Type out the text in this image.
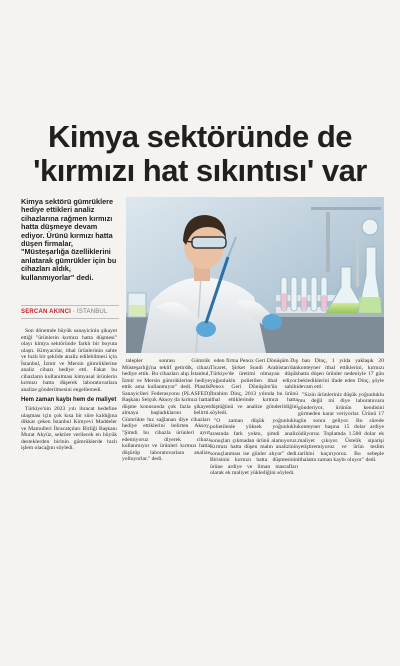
Kimya sektöründe de
'kırmızı hat sıkıntısı' var

Kimya sektörü gümrüklere hediye ettikleri analiz cihazlarına rağmen kırmızı hatta düşmeye devam ediyor. Ürünü kırmızı hatta düşen firmalar, "Müsteşarlığa özelliklerini anlatarak gümrükler için bu cihazları aldık, kullanmıyorlar" dedi.

SERCAN AKINCI · İSTANBUL

talepler sonrası Gümrük Müsteşarlığı'na teklif getirdik, cihazı hediye ettik. Bu cihazları alıp İstanbul, İzmir ve Mersin gümrüklerine hediye ettik ama kullanmıyor" dedi. Plastik Sanayicileri Federasyonu (PLASFED) Başkanı Selçuk Aksoy da kırmızı hatta düşme konusunda çok fazla şikayet almaya başladıklarını belirtti. Gümrükte hız sağlanan diye cihazları hediye ettiklerini belirten Aksoy, "Şimdi bu cihazla ürünleri ayırt edemiyoruz diyerek cihazı kullanmıyor ve ürünleri kırmızı hatta düşürüp laboratuvarlara analize yolluyorlar." dedi.

eden firma Penox Geri Dönüşüm Dış Ticaret, Şirket Suudi Arabistan'dan Türkiye'de üretimi olmayan düşük yoğunluklu polietilen ithal ediyor. Penox Geri Dönüşüm'ün sahibi İbrahim Dinç, 2013 yılında bu ürünü ithal ettiklerinde kırmızı hatta düştüğünü ve analize gönderildiğini söyledi.

"O zaman düşük yoğunluklu polietilenle yüksek yoğunluklu arasında fark yoktu, şimdi analiz sonuçları çıkmadan ürünü alamıyoruz. Kırmızı hatta düşen malın analizinin sonuçlanması ise günler alıyor" dedi. Birisinin kırmızı hatta düşmesinin ürüne ardiye ve liman masrafları olarak ek maliyet yüklediğini söyledi.

ban Dinç, 1 yılda yaklaşık 20 konteyner ithal ettiklerini, kırmızı hatta düşen ürünler nedeniyle 17 gün beklediklerini ifade eden Dinç, şöyle devam etti:

"Sizin ürünleriniz düşük yoğunluklu mu değil mi diye laboratuvara gönderiyor, ürünün kendisini görmeden karar veriyorlar. Ürünü 17 gün sonra geliyor. Bu sürede konteyner başına 15 dolar ardiye ödüyoruz. Toplamda 1.500 dolar ek maliyet çıkıyor. Üstelik siparişi yetiştiremiyoruz ve ürün teslim tarihini kaçırıyoruz. Bu sebeple ithalatta zaman kaybı oluyor" dedi.

Son dönemde büyük sanayicinin şikayet ettiği "ürünlerin kırmızı hatta düşmesi" olayı kimya sektöründe farklı bir boyuta ulaştı. Kimyacılar, ithal ürünlerinin sahte ve hızlı bir şekilde analiz edilebilmesi için İstanbul, İzmir ve Mersin gümrüklerine analiz cihazı hediye etti. Fakat bu cihazların kullanılması kimyasal ürünlerin kırmızı hatta düşerek laboratuvarlara analize gönderilmesini engellemedi.

Hem zaman kaybı hem de maliyet

Türkiye'nin 2023 yılı ihracat hedefine ulaşması için çok kısa bir süre kaldığına dikkat çeken İstanbul Kimyevi Maddeler ve Mamulleri İhracatçıları Birliği Başkanı Murat Akyüz, sektöre verilecek en büyük desteklerden birinin gümrüklerde hızlı işlem olacağını söyledi.
